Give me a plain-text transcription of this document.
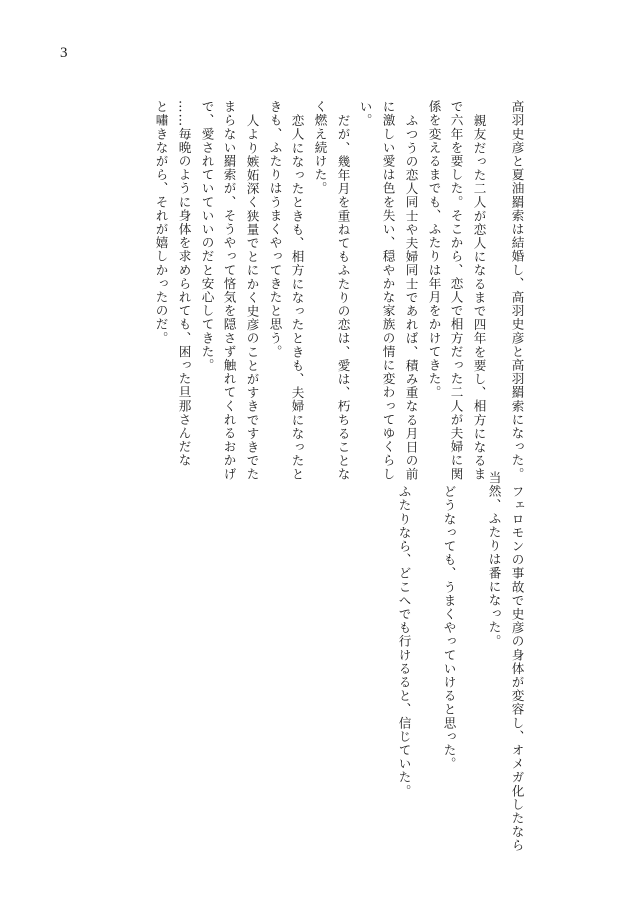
3
高羽史彦と夏油羂索は結婚し、高羽史彦と高羽羂索になった。
親友だった二人が恋人になるまで四年を要し、相方になるま
で六年を要した。そこから、恋人で相方だった二人が夫婦に関
係を変えるまでも、ふたりは年月をかけてきた。
ふつうの恋人同士や夫婦同士であれば、積み重なる月日の前
に激しい愛は色を失い、穏やかな家族の情に変わってゆくらし
い。
だが、幾年月を重ねてもふたりの恋は、愛は、朽ちることな
く燃え続けた。
恋人になったときも、相方になったときも、夫婦になったと
きも、ふたりはうまくやってきたと思う。
人より嫉妬深く狭量でとにかく史彦のことがすきですきでた
まらない羂索が、そうやって悋気を隠さず触れてくれるおかげ
で、愛されていていいのだと安心してきた。
……毎晩のように身体を求められても、困った旦那さんだな
と嘯きながら、それが嬉しかったのだ。
フェロモンの事故で史彦の身体が変容し、オメガ化したなら
当然、ふたりは番になった。
どうなっても、うまくやっていけると思った。
ふたりなら、どこへでも行けるると、信じていた。
